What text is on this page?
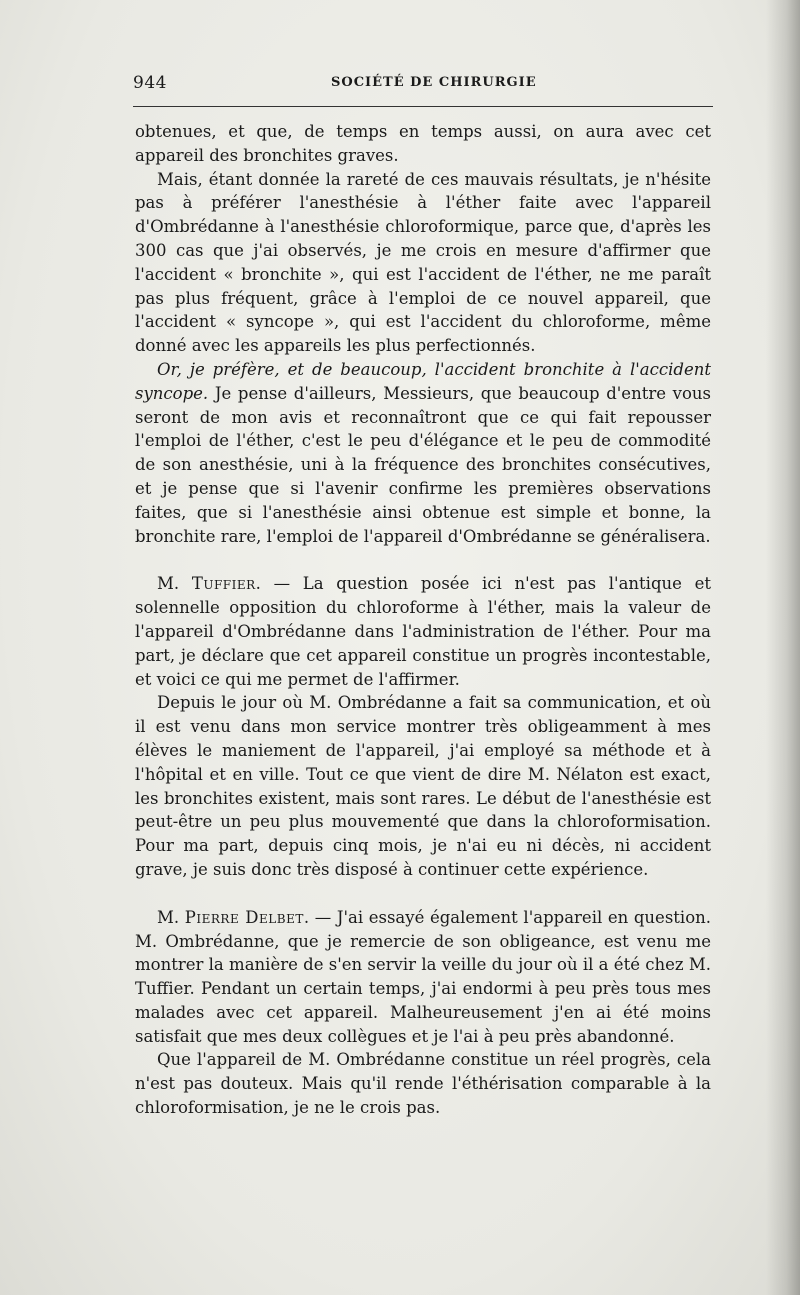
944	SOCIÉTÉ DE CHIRURGIE

obtenues, et que, de temps en temps aussi, on aura avec cet appareil des bronchites graves.

Mais, étant donnée la rareté de ces mauvais résultats, je n'hésite pas à préférer l'anesthésie à l'éther faite avec l'appareil d'Ombrédanne à l'anesthésie chloroformique, parce que, d'après les 300 cas que j'ai observés, je me crois en mesure d'affirmer que l'accident « bronchite », qui est l'accident de l'éther, ne me paraît pas plus fréquent, grâce à l'emploi de ce nouvel appareil, que l'accident « syncope », qui est l'accident du chloroforme, même donné avec les appareils les plus perfectionnés.

Or, je préfère, et de beaucoup, l'accident bronchite à l'accident syncope. Je pense d'ailleurs, Messieurs, que beaucoup d'entre vous seront de mon avis et reconnaîtront que ce qui fait repousser l'emploi de l'éther, c'est le peu d'élégance et le peu de commodité de son anesthésie, uni à la fréquence des bronchites consécutives, et je pense que si l'avenir confirme les premières observations faites, que si l'anesthésie ainsi obtenue est simple et bonne, la bronchite rare, l'emploi de l'appareil d'Ombrédanne se généralisera.

M. Tuffier. — La question posée ici n'est pas l'antique et solennelle opposition du chloroforme à l'éther, mais la valeur de l'appareil d'Ombrédanne dans l'administration de l'éther. Pour ma part, je déclare que cet appareil constitue un progrès incontestable, et voici ce qui me permet de l'affirmer.

Depuis le jour où M. Ombrédanne a fait sa communication, et où il est venu dans mon service montrer très obligeamment à mes élèves le maniement de l'appareil, j'ai employé sa méthode et à l'hôpital et en ville. Tout ce que vient de dire M. Nélaton est exact, les bronchites existent, mais sont rares. Le début de l'anesthésie est peut-être un peu plus mouvementé que dans la chloroformisation. Pour ma part, depuis cinq mois, je n'ai eu ni décès, ni accident grave, je suis donc très disposé à continuer cette expérience.

M. Pierre Delbet. — J'ai essayé également l'appareil en question. M. Ombrédanne, que je remercie de son obligeance, est venu me montrer la manière de s'en servir la veille du jour où il a été chez M. Tuffier. Pendant un certain temps, j'ai endormi à peu près tous mes malades avec cet appareil. Malheureusement j'en ai été moins satisfait que mes deux collègues et je l'ai à peu près abandonné.

Que l'appareil de M. Ombrédanne constitue un réel progrès, cela n'est pas douteux. Mais qu'il rende l'éthérisation comparable à la chloroformisation, je ne le crois pas.
